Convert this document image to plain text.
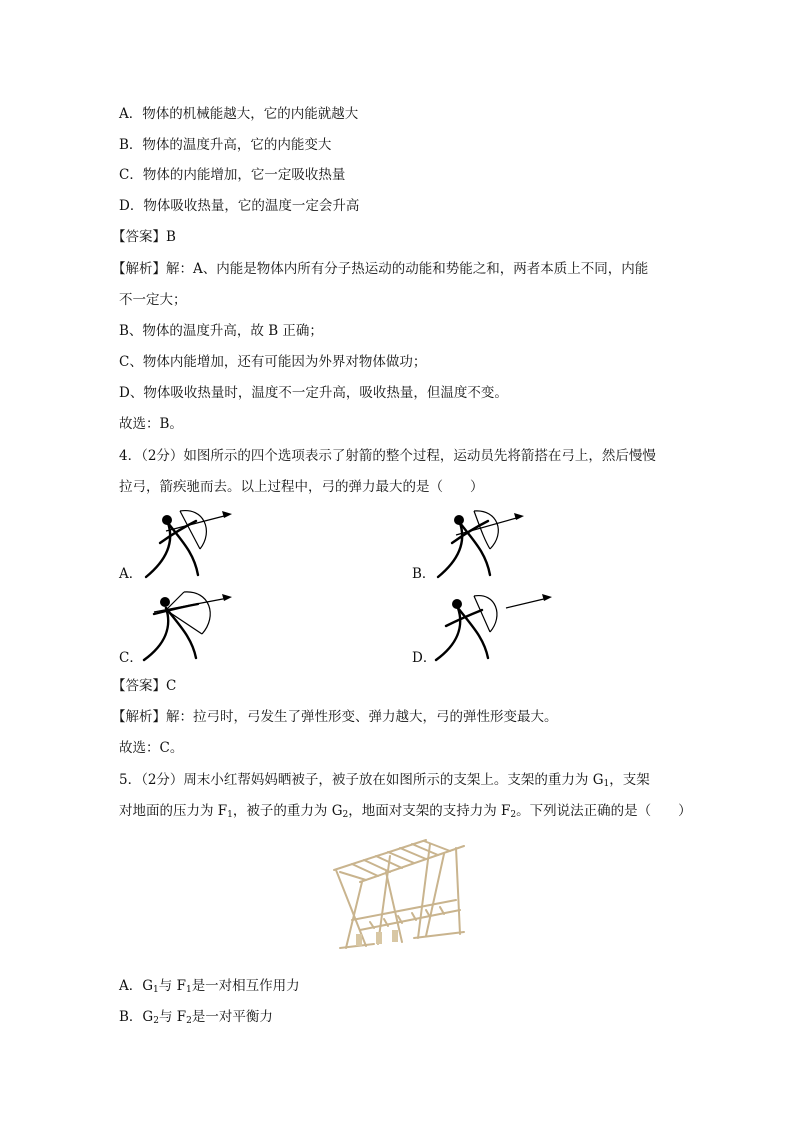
A．物体的机械能越大，它的内能就越大
B．物体的温度升高，它的内能变大
C．物体的内能增加，它一定吸收热量
D．物体吸收热量，它的温度一定会升高
【答案】B
【解析】解：A、内能是物体内所有分子热运动的动能和势能之和，两者本质上不同，内能
不一定大；
B、物体的温度升高，故 B 正确；
C、物体内能增加，还有可能因为外界对物体做功；
D、物体吸收热量时，温度不一定升高，吸收热量，但温度不变。
故选：B。
4．（2分）如图所示的四个选项表示了射箭的整个过程，运动员先将箭搭在弓上，然后慢慢
拉弓，箭疾驰而去。以上过程中，弓的弹力最大的是（　　）
A．	B．
C．	D．
【答案】C
【解析】解：拉弓时，弓发生了弹性形变、弹力越大，弓的弹性形变最大。
故选：C。
5．（2分）周末小红帮妈妈晒被子，被子放在如图所示的支架上。支架的重力为 $G_1$，支架
对地面的压力为 $F_1$，被子的重力为 $G_2$，地面对支架的支持力为 $F_2$。下列说法正确的是（　　）
A．$G_1$与 $F_1$是一对相互作用力
B．$G_2$与 $F_2$是一对平衡力
